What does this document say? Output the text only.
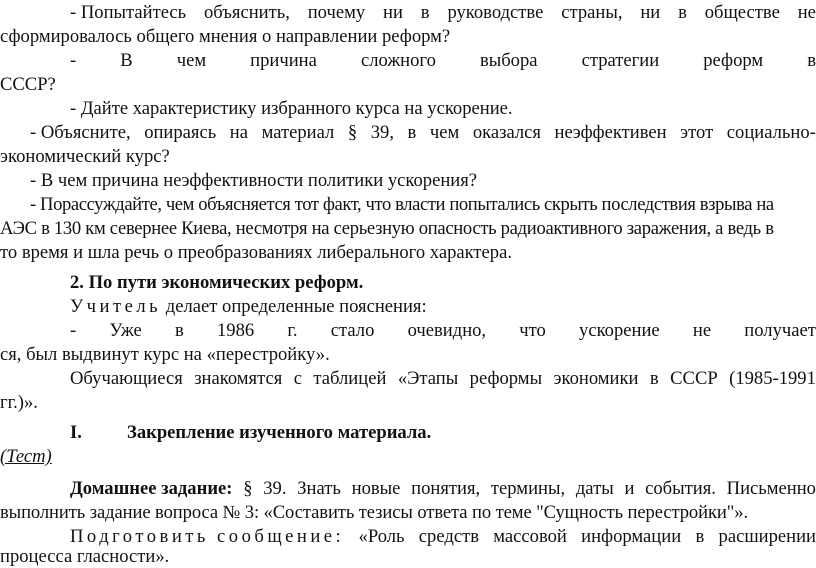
- Попытайтесь объяснить, почему ни в руководстве страны, ни в обществе не
сформировалось общего мнения о направлении реформ?
- В чем причина сложного выбора стратегии реформ в
СССР?
- Дайте характеристику избранного курса на ускорение.
- Объясните, опираясь на материал § 39, в чем оказался неэффективен этот социально-
экономический курс?
- В чем причина неэффективности политики ускорения?
- Порассуждайте, чем объясняется тот факт, что власти попытались скрыть последствия взрыва на
АЭС в 130 км севернее Киева, несмотря на серьезную опасность радиоактивного заражения, а ведь в
то время и шла речь о преобразованиях либерального характера.
2. По пути экономических реформ.
Учитель делает определенные пояснения:
- Уже в 1986 г. стало очевидно, что ускорение не получает
ся, был выдвинут курс на «перестройку».
Обучающиеся знакомятся с таблицей «Этапы реформы экономики в СССР (1985-1991
гг.)».
I.	Закрепление изученного материала.
(Тест)
Домашнее задание: § 39. Знать новые понятия, термины, даты и события. Письменно
выполнить задание вопроса № 3: «Составить тезисы ответа по теме "Сущность перестройки"».
Подготовить сообщение: «Роль средств массовой информации в расширении
процесса гласности».
